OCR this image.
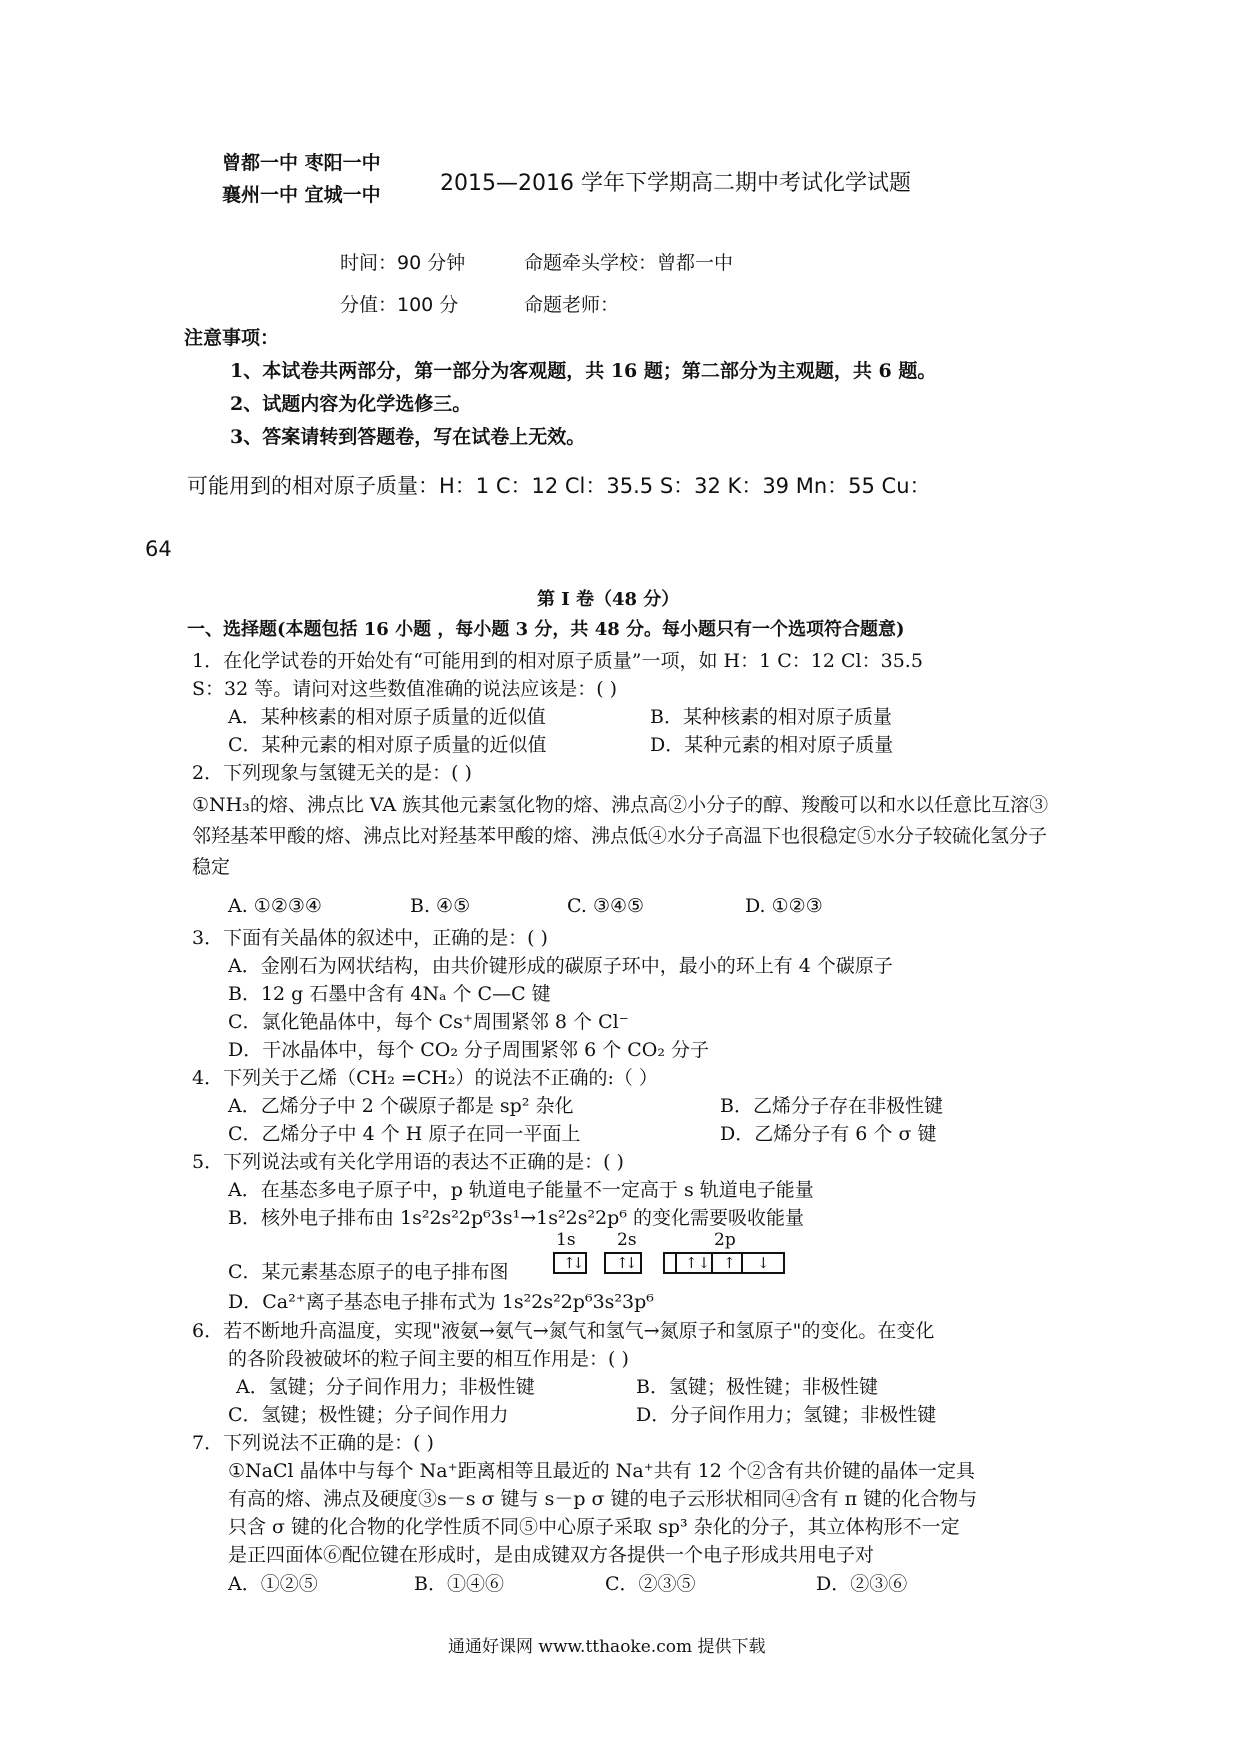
曾都一中 枣阳一中
襄州一中 宜城一中	2015—2016 学年下学期高二期中考试化学试题
时间：90 分钟	命题牵头学校：曾都一中
分值：100 分	命题老师：
注意事项：
1、本试卷共两部分，第一部分为客观题，共 16 题；第二部分为主观题，共 6 题。
2、试题内容为化学选修三。
3、答案请转到答题卷，写在试卷上无效。
可能用到的相对原子质量：H：1 C：12 Cl：35.5 S：32 K：39 Mn：55 Cu：
64
第 I 卷（48 分）
一、选择题(本题包括 16 小题 ，每小题 3 分，共 48 分。每小题只有一个选项符合题意)
1．在化学试卷的开始处有“可能用到的相对原子质量”一项，如 H：1 C：12 Cl：35.5
S：32 等。请问对这些数值准确的说法应该是：( )
A．某种核素的相对原子质量的近似值	B．某种核素的相对原子质量
C．某种元素的相对原子质量的近似值	D．某种元素的相对原子质量
2．下列现象与氢键无关的是：( )
①NH₃的熔、沸点比 VA 族其他元素氢化物的熔、沸点高②小分子的醇、羧酸可以和水以任意比互溶③邻羟基苯甲酸的熔、沸点比对羟基苯甲酸的熔、沸点低④水分子高温下也很稳定⑤水分子较硫化氢分子稳定
A. ①②③④	B. ④⑤	C. ③④⑤	D. ①②③
3．下面有关晶体的叙述中，正确的是：( )
A．金刚石为网状结构，由共价键形成的碳原子环中，最小的环上有 4 个碳原子
B．12 g 石墨中含有 4Nₐ 个 C—C 键
C．氯化铯晶体中，每个 Cs⁺周围紧邻 8 个 Cl⁻
D．干冰晶体中，每个 CO₂ 分子周围紧邻 6 个 CO₂ 分子
4．下列关于乙烯（CH₂ =CH₂）的说法不正确的:（ ）
A．乙烯分子中 2 个碳原子都是 sp² 杂化	B．乙烯分子存在非极性键
C．乙烯分子中 4 个 H 原子在同一平面上	D．乙烯分子有 6 个 σ 键
5．下列说法或有关化学用语的表达不正确的是：( )
A．在基态多电子原子中，p 轨道电子能量不一定高于 s 轨道电子能量
B．核外电子排布由 1s²2s²2p⁶3s¹→1s²2s²2p⁶ 的变化需要吸收能量
1s 2s	2p
↑
↓ ↑
↓	↑↓ ↑ ↓
C．某元素基态原子的电子排布图
D．Ca²⁺离子基态电子排布式为 1s²2s²2p⁶3s²3p⁶
6．若不断地升高温度，实现"液氨→氨气→氮气和氢气→氮原子和氢原子"的变化。在变化
的各阶段被破坏的粒子间主要的相互作用是：( )
A．氢键；分子间作用力；非极性键	B．氢键；极性键；非极性键
C．氢键；极性键；分子间作用力	D．分子间作用力；氢键；非极性键
7．下列说法不正确的是：( )
①NaCl 晶体中与每个 Na⁺距离相等且最近的 Na⁺共有 12 个②含有共价键的晶体一定具
有高的熔、沸点及硬度③s－s σ 键与 s－p σ 键的电子云形状相同④含有 π 键的化合物与
只含 σ 键的化合物的化学性质不同⑤中心原子采取 sp³ 杂化的分子，其立体构形不一定
是正四面体⑥配位键在形成时，是由成键双方各提供一个电子形成共用电子对
A．①②⑤	B．①④⑥	C．②③⑤	D．②③⑥
通通好课网 www.tthaoke.com 提供下载
